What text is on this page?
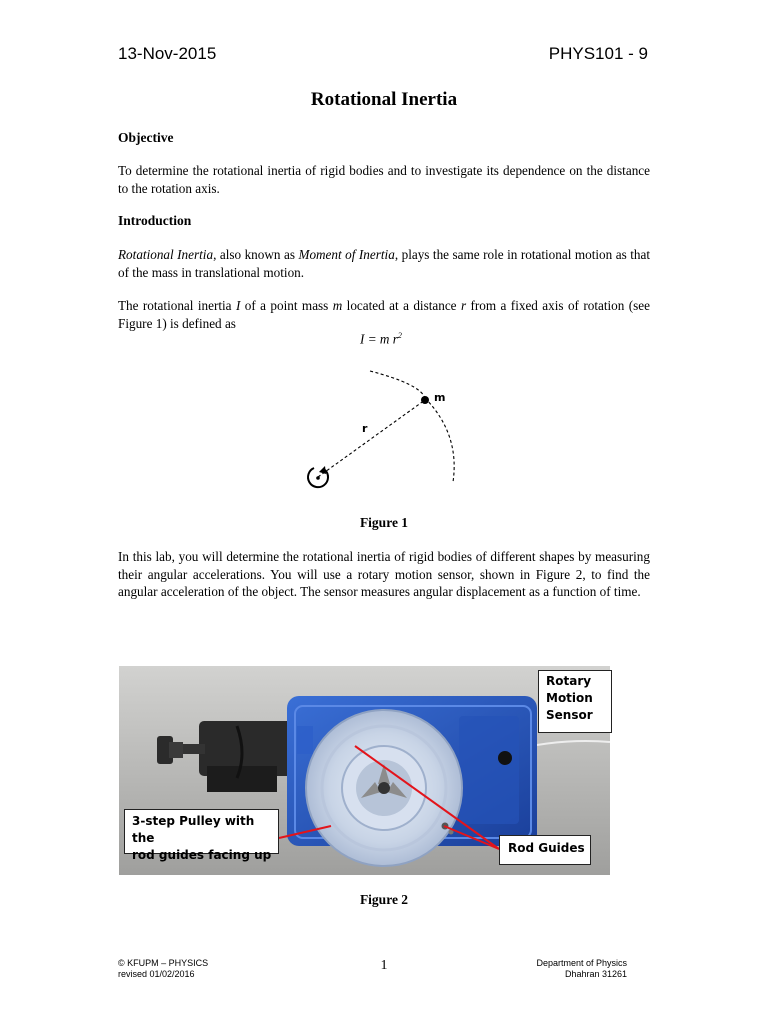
13-Nov-2015	PHYS101 - 9
Rotational Inertia
Objective
To determine the rotational inertia of rigid bodies and to investigate its dependence on the distance to the rotation axis.
Introduction
Rotational Inertia, also known as Moment of Inertia, plays the same role in rotational motion as that of the mass in translational motion.
The rotational inertia I of a point mass m located at a distance r from a fixed axis of rotation (see Figure 1) is defined as
I = m $r^2$
m
r
Figure 1
In this lab, you will determine the rotational inertia of rigid bodies of different shapes by measuring their angular accelerations. You will use a rotary motion sensor, shown in Figure 2, to find the angular acceleration of the object. The sensor measures angular displacement as a function of time.
Rotary
Motion
Sensor
3-step Pulley with the
rod guides facing up	Rod Guides
Figure 2
© KFUPM – PHYSICS
revised 01/02/2016
1	Department of Physics
Dhahran 31261
